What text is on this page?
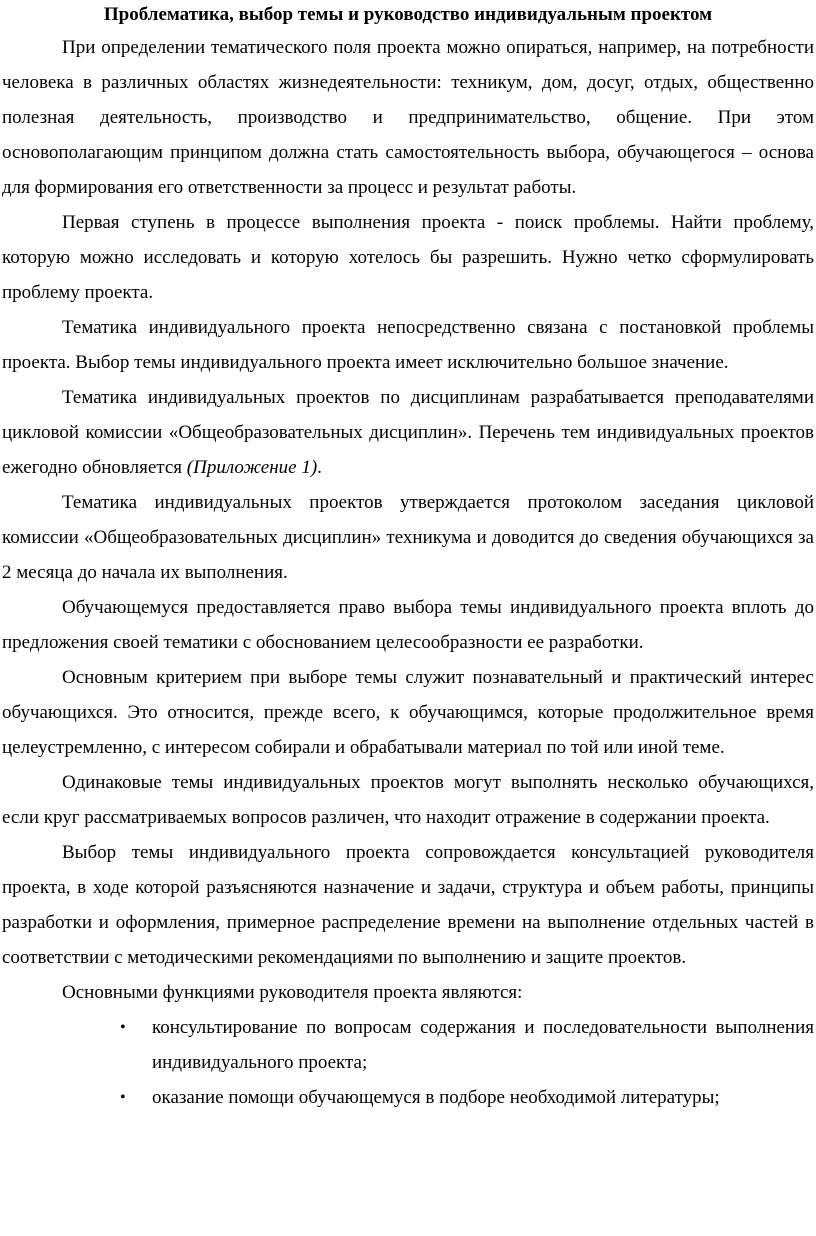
Проблематика, выбор темы и руководство индивидуальным проектом

При определении тематического поля проекта можно опираться, например, на потребности человека в различных областях жизнедеятельности: техникум, дом, досуг, отдых, общественно полезная деятельность, производство и предпринимательство, общение. При этом основополагающим принципом должна стать самостоятельность выбора, обучающегося – основа для формирования его ответственности за процесс и результат работы.

Первая ступень в процессе выполнения проекта - поиск проблемы. Найти проблему, которую можно исследовать и которую хотелось бы разрешить. Нужно четко сформулировать проблему проекта.

Тематика индивидуального проекта непосредственно связана с постановкой проблемы проекта. Выбор темы индивидуального проекта имеет исключительно большое значение.

Тематика индивидуальных проектов по дисциплинам разрабатывается преподавателями цикловой комиссии «Общеобразовательных дисциплин». Перечень тем индивидуальных проектов ежегодно обновляется (Приложение 1).

Тематика индивидуальных проектов утверждается протоколом заседания цикловой комиссии «Общеобразовательных дисциплин» техникума и доводится до сведения обучающихся за 2 месяца до начала их выполнения.

Обучающемуся предоставляется право выбора темы индивидуального проекта вплоть до предложения своей тематики с обоснованием целесообразности ее разработки.

Основным критерием при выборе темы служит познавательный и практический интерес обучающихся. Это относится, прежде всего, к обучающимся, которые продолжительное время целеустремленно, с интересом собирали и обрабатывали материал по той или иной теме.

Одинаковые темы индивидуальных проектов могут выполнять несколько обучающихся, если круг рассматриваемых вопросов различен, что находит отражение в содержании проекта.

Выбор темы индивидуального проекта сопровождается консультацией руководителя проекта, в ходе которой разъясняются назначение и задачи, структура и объем работы, принципы разработки и оформления, примерное распределение времени на выполнение отдельных частей в соответствии с методическими рекомендациями по выполнению и защите проектов.

Основными функциями руководителя проекта являются:

• консультирование по вопросам содержания и последовательности выполнения индивидуального проекта;
• оказание помощи обучающемуся в подборе необходимой литературы;
